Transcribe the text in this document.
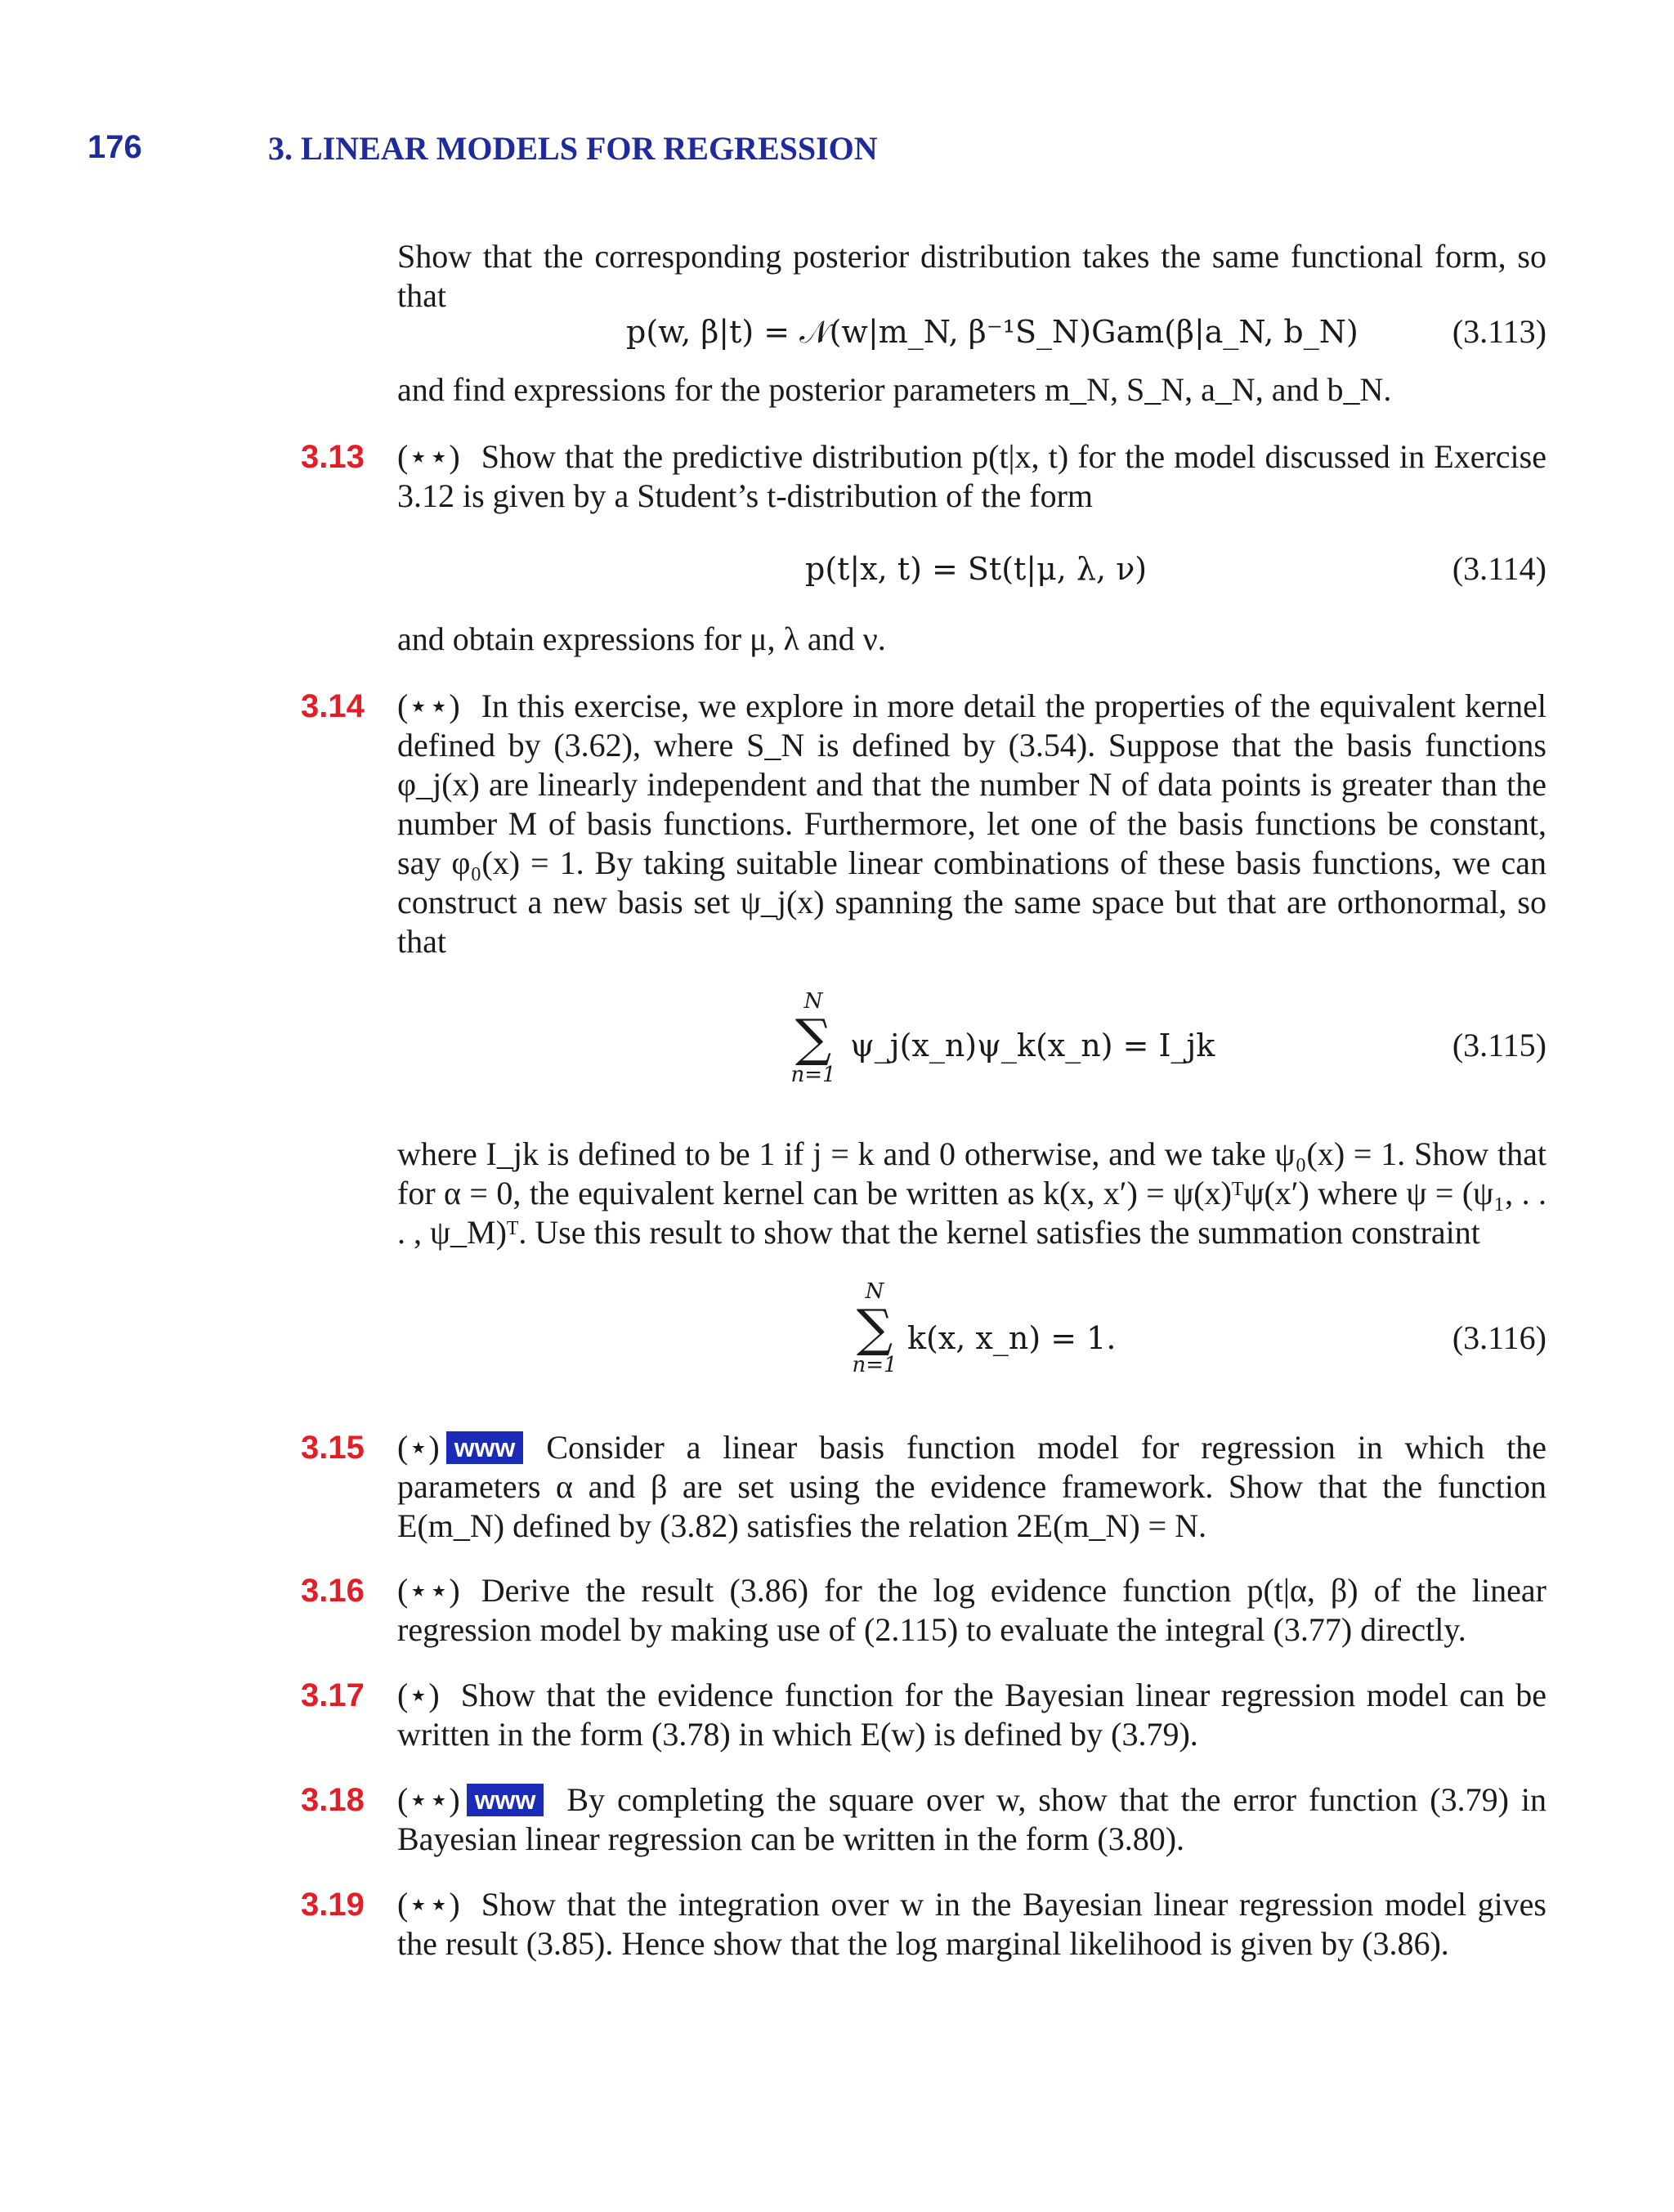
176	3. LINEAR MODELS FOR REGRESSION
Show that the corresponding posterior distribution takes the same functional form, so that
p(w, β|t) = 𝒩(w|m_N, β⁻¹S_N)Gam(β|a_N, b_N)	(3.113)
and find expressions for the posterior parameters m_N, S_N, a_N, and b_N.
3.13 (⋆⋆) Show that the predictive distribution p(t|x, t) for the model discussed in Exercise 3.12 is given by a Student’s t-distribution of the form
p(t|x, t) = St(t|μ, λ, ν)	(3.114)
and obtain expressions for μ, λ and ν.
3.14 (⋆⋆) In this exercise, we explore in more detail the properties of the equivalent kernel defined by (3.62), where S_N is defined by (3.54). Suppose that the basis functions φ_j(x) are linearly independent and that the number N of data points is greater than the number M of basis functions. Furthermore, let one of the basis functions be constant, say φ₀(x) = 1. By taking suitable linear combinations of these basis functions, we can construct a new basis set ψ_j(x) spanning the same space but that are orthonormal, so that
N
∑
n=1
ψ_j(x_n)ψ_k(x_n) = I_jk	(3.115)
where I_jk is defined to be 1 if j = k and 0 otherwise, and we take ψ₀(x) = 1. Show that for α = 0, the equivalent kernel can be written as k(x, x′) = ψ(x)ᵀψ(x′) where ψ = (ψ₁, . . . , ψ_M)ᵀ. Use this result to show that the kernel satisfies the summation constraint
N
∑
n=1
k(x, x_n) = 1.	(3.116)
3.15 (⋆) www Consider a linear basis function model for regression in which the parameters α and β are set using the evidence framework. Show that the function E(m_N) defined by (3.82) satisfies the relation 2E(m_N) = N.
3.16 (⋆⋆) Derive the result (3.86) for the log evidence function p(t|α, β) of the linear regression model by making use of (2.115) to evaluate the integral (3.77) directly.
3.17 (⋆) Show that the evidence function for the Bayesian linear regression model can be written in the form (3.78) in which E(w) is defined by (3.79).
3.18 (⋆⋆) www By completing the square over w, show that the error function (3.79) in Bayesian linear regression can be written in the form (3.80).
3.19 (⋆⋆) Show that the integration over w in the Bayesian linear regression model gives the result (3.85). Hence show that the log marginal likelihood is given by (3.86).
